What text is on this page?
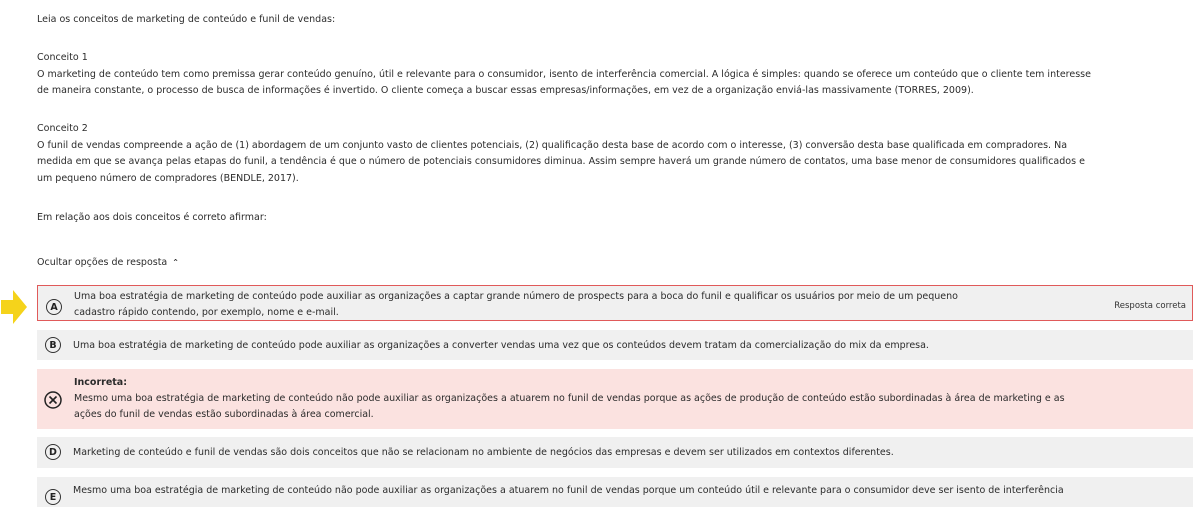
Leia os conceitos de marketing de conteúdo e funil de vendas:

Conceito 1

O marketing de conteúdo tem como premissa gerar conteúdo genuíno, útil e relevante para o consumidor, isento de interferência comercial. A lógica é simples: quando se oferece um conteúdo que o cliente tem interesse

de maneira constante, o processo de busca de informações é invertido. O cliente começa a buscar essas empresas/informações, em vez de a organização enviá-las massivamente (TORRES, 2009).

Conceito 2

O funil de vendas compreende a ação de (1) abordagem de um conjunto vasto de clientes potenciais, (2) qualificação desta base de acordo com o interesse, (3) conversão desta base qualificada em compradores. Na

medida em que se avança pelas etapas do funil, a tendência é que o número de potenciais consumidores diminua. Assim sempre haverá um grande número de contatos, uma base menor de consumidores qualificados e

um pequeno número de compradores (BENDLE, 2017).

Em relação aos dois conceitos é correto afirmar:

Ocultar opções de resposta ⌃
A
Uma boa estratégia de marketing de conteúdo pode auxiliar as organizações a captar grande número de prospects para a boca do funil e qualificar os usuários por meio de um pequeno
cadastro rápido contendo, por exemplo, nome e e-mail.
Resposta correta
B	Uma boa estratégia de marketing de conteúdo pode auxiliar as organizações a converter vendas uma vez que os conteúdos devem tratam da comercialização do mix da empresa.
Incorreta:
Mesmo uma boa estratégia de marketing de conteúdo não pode auxiliar as organizações a atuarem no funil de vendas porque as ações de produção de conteúdo estão subordinadas à área de marketing e as
ações do funil de vendas estão subordinadas à área comercial.
D	Marketing de conteúdo e funil de vendas são dois conceitos que não se relacionam no ambiente de negócios das empresas e devem ser utilizados em contextos diferentes.
E
Mesmo uma boa estratégia de marketing de conteúdo não pode auxiliar as organizações a atuarem no funil de vendas porque um conteúdo útil e relevante para o consumidor deve ser isento de interferência
